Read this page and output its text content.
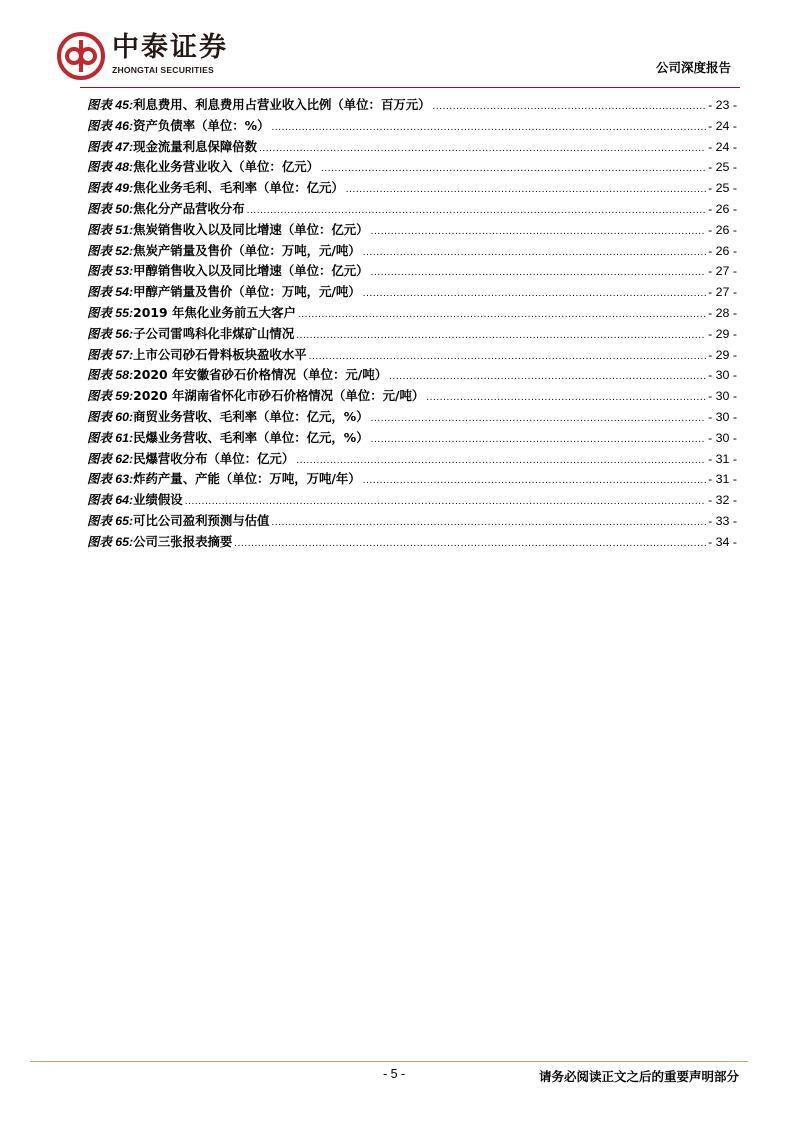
中泰证券
ZHONGTAI SECURITIES	公司深度报告
图表 45: 利息费用、利息费用占营业收入比例（单位：百万元） .....	- 23 -
图表 46: 资产负债率（单位：%） .....	- 24 -
图表 47: 现金流量利息保障倍数 .....	- 24 -
图表 48: 焦化业务营业收入（单位：亿元） .....	- 25 -
图表 49: 焦化业务毛利、毛利率（单位：亿元） .....	- 25 -
图表 50: 焦化分产品营收分布 .....	- 26 -
图表 51: 焦炭销售收入以及同比增速（单位：亿元） .....	- 26 -
图表 52: 焦炭产销量及售价（单位：万吨，元/吨） .....	- 26 -
图表 53: 甲醇销售收入以及同比增速（单位：亿元） .....	- 27 -
图表 54: 甲醇产销量及售价（单位：万吨，元/吨） .....	- 27 -
图表 55: 2019 年焦化业务前五大客户 .....	- 28 -
图表 56: 子公司雷鸣科化非煤矿山情况 .....	- 29 -
图表 57: 上市公司砂石骨料板块盈收水平 .....	- 29 -
图表 58: 2020 年安徽省砂石价格情况（单位：元/吨） .....	- 30 -
图表 59: 2020 年湖南省怀化市砂石价格情况（单位：元/吨） .....	- 30 -
图表 60: 商贸业务营收、毛利率（单位：亿元，%） .....	- 30 -
图表 61: 民爆业务营收、毛利率（单位：亿元，%） .....	- 30 -
图表 62: 民爆营收分布（单位：亿元） .....	- 31 -
图表 63: 炸药产量、产能（单位：万吨，万吨/年） .....	- 31 -
图表 64: 业绩假设 .....	- 32 -
图表 65: 可比公司盈利预测与估值 .....	- 33 -
图表 65: 公司三张报表摘要 .....	- 34 -
- 5 -	请务必阅读正文之后的重要声明部分
